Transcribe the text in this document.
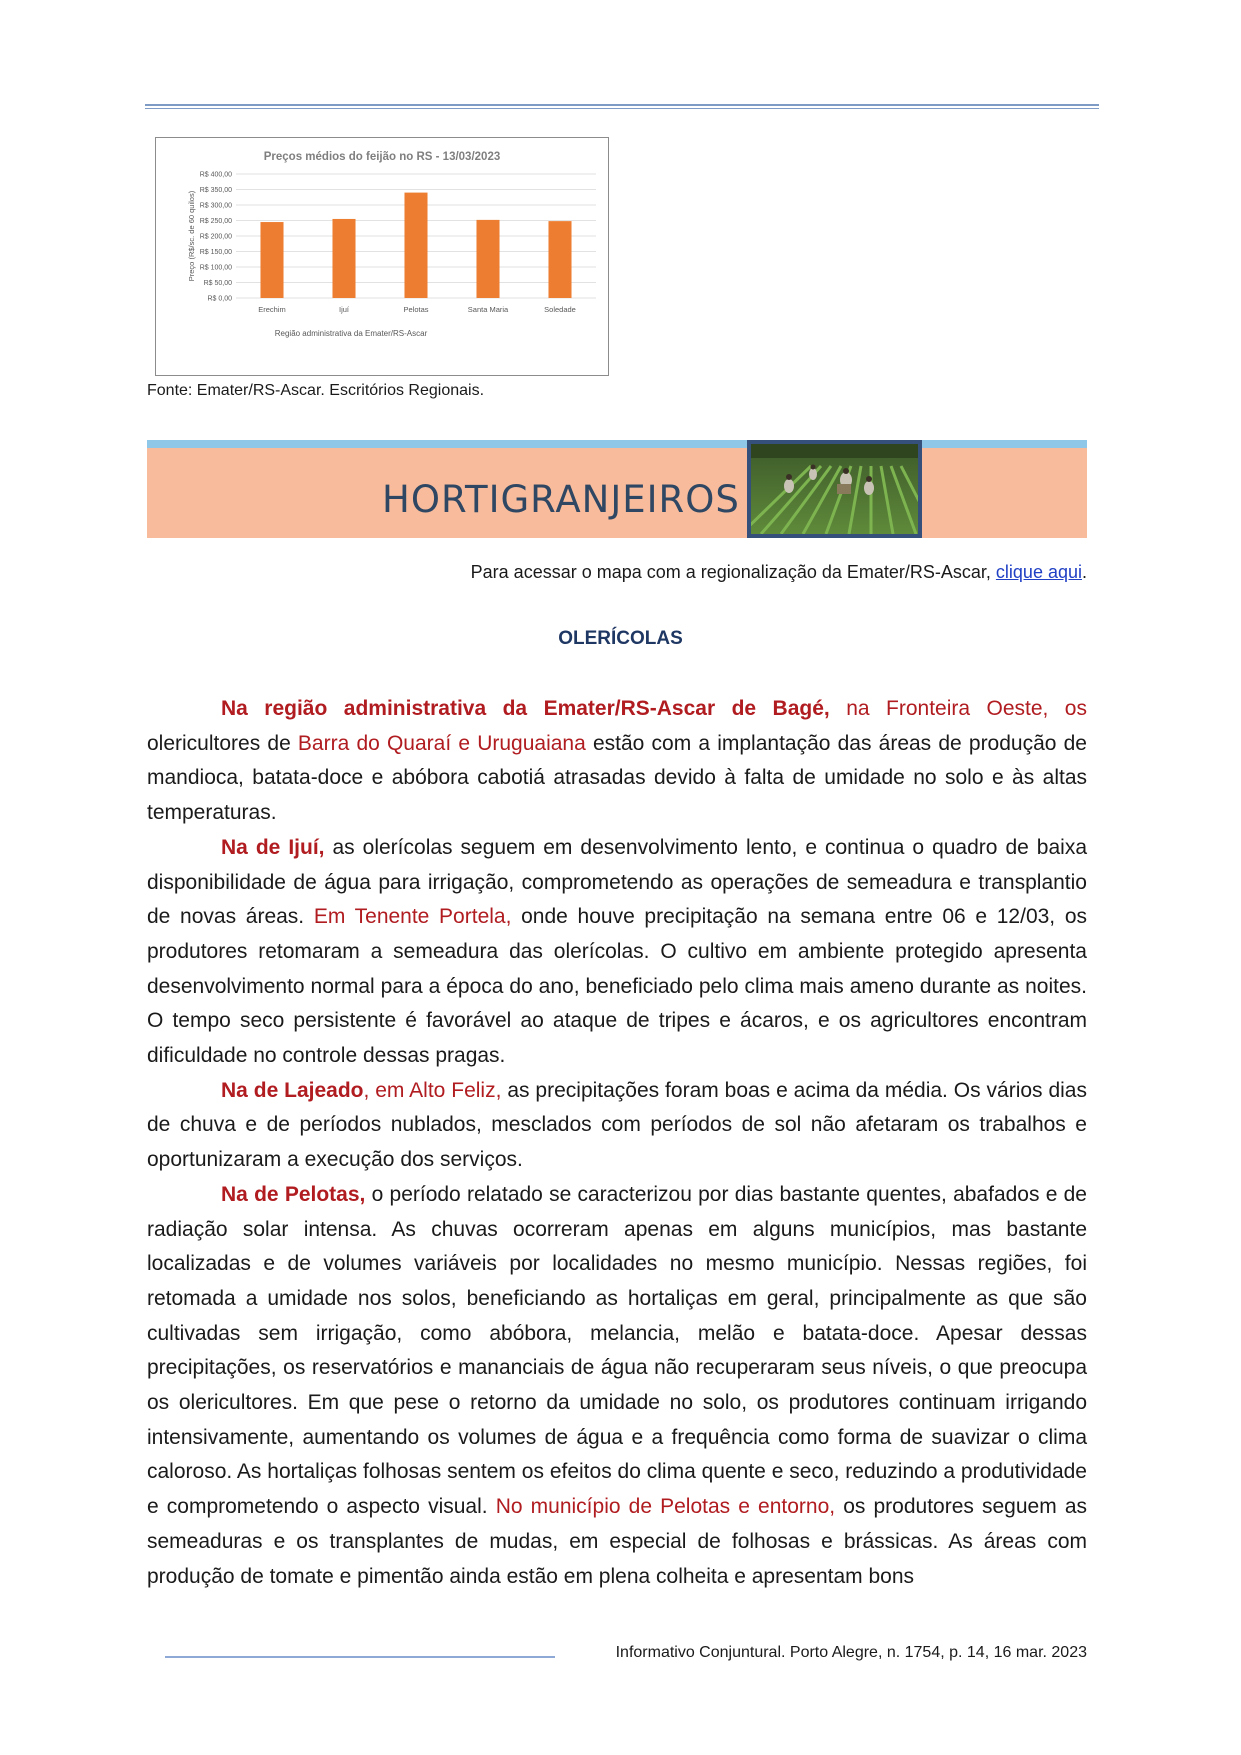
Preços médios do feijão no RS - 13/03/2023
R$ 0,00
R$ 50,00
R$ 100,00
R$ 150,00
R$ 200,00
R$ 250,00
R$ 300,00
R$ 350,00
R$ 400,00
Erechim	Ijuí	Pelotas	Santa Maria	Soledade
Região administrativa da Emater/RS-Ascar
Preço (R$/sc. de 60 quilos)
Fonte: Emater/RS-Ascar. Escritórios Regionais.
HORTIGRANJEIROS
Para acessar o mapa com a regionalização da Emater/RS-Ascar, clique aqui.
OLERÍCOLAS

Na região administrativa da Emater/RS-Ascar de Bagé, na Fronteira Oeste, os olericultores de Barra do Quaraí e Uruguaiana estão com a implantação das áreas de produção de mandioca, batata-doce e abóbora cabotiá atrasadas devido à falta de umidade no solo e às altas temperaturas.

Na de Ijuí, as olerícolas seguem em desenvolvimento lento, e continua o quadro de baixa disponibilidade de água para irrigação, comprometendo as operações de semeadura e transplantio de novas áreas. Em Tenente Portela, onde houve precipitação na semana entre 06 e 12/03, os produtores retomaram a semeadura das olerícolas. O cultivo em ambiente protegido apresenta desenvolvimento normal para a época do ano, beneficiado pelo clima mais ameno durante as noites. O tempo seco persistente é favorável ao ataque de tripes e ácaros, e os agricultores encontram dificuldade no controle dessas pragas.

Na de Lajeado, em Alto Feliz, as precipitações foram boas e acima da média. Os vários dias de chuva e de períodos nublados, mesclados com períodos de sol não afetaram os trabalhos e oportunizaram a execução dos serviços.

Na de Pelotas, o período relatado se caracterizou por dias bastante quentes, abafados e de radiação solar intensa. As chuvas ocorreram apenas em alguns municípios, mas bastante localizadas e de volumes variáveis por localidades no mesmo município. Nessas regiões, foi retomada a umidade nos solos, beneficiando as hortaliças em geral, principalmente as que são cultivadas sem irrigação, como abóbora, melancia, melão e batata-doce. Apesar dessas precipitações, os reservatórios e mananciais de água não recuperaram seus níveis, o que preocupa os olericultores. Em que pese o retorno da umidade no solo, os produtores continuam irrigando intensivamente, aumentando os volumes de água e a frequência como forma de suavizar o clima caloroso. As hortaliças folhosas sentem os efeitos do clima quente e seco, reduzindo a produtividade e comprometendo o aspecto visual. No município de Pelotas e entorno, os produtores seguem as semeaduras e os transplantes de mudas, em especial de folhosas e brássicas. As áreas com produção de tomate e pimentão ainda estão em plena colheita e apresentam bons

Informativo Conjuntural. Porto Alegre, n. 1754, p. 14, 16 mar. 2023
